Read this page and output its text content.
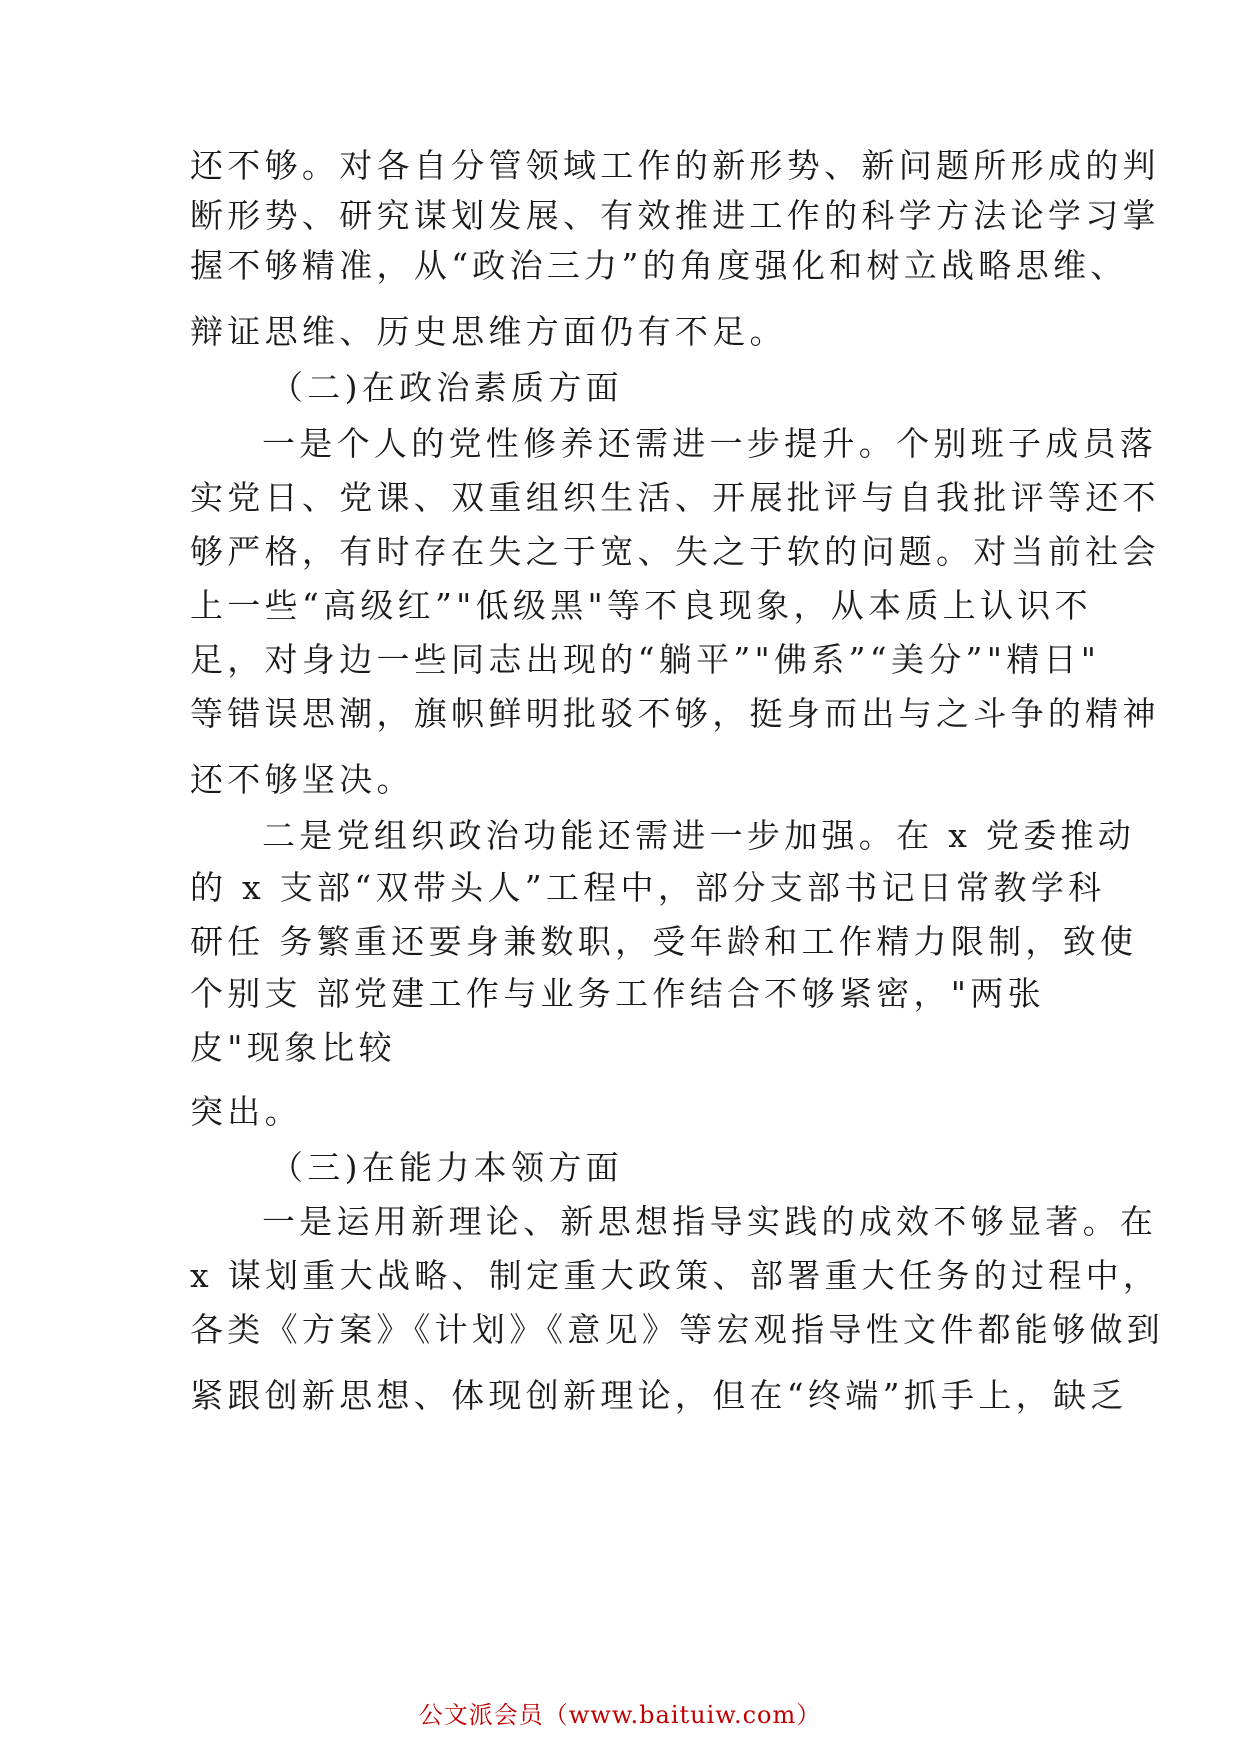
还不够。对各自分管领域工作的新形势、新问题所形成的判
断形势、研究谋划发展、有效推进工作的科学方法论学习掌
握不够精准，从“政治三力”的角度强化和树立战略思维、
辩证思维、历史思维方面仍有不足。
（二)在政治素质方面
一是个人的党性修养还需进一步提升。个别班子成员落
实党日、党课、双重组织生活、开展批评与自我批评等还不
够严格，有时存在失之于宽、失之于软的问题。对当前社会
上一些“高级红”"低级黑"等不良现象，从本质上认识不
足，对身边一些同志出现的“躺平”"佛系”“美分”"精日"
等错误思潮，旗帜鲜明批驳不够，挺身而出与之斗争的精神
还不够坚决。
二是党组织政治功能还需进一步加强。在 x 党委推动
的 x 支部“双带头人”工程中，部分支部书记日常教学科
研任 务繁重还要身兼数职，受年龄和工作精力限制，致使
个别支 部党建工作与业务工作结合不够紧密，"两张
皮"现象比较
突出。
（三)在能力本领方面
一是运用新理论、新思想指导实践的成效不够显著。在
x 谋划重大战略、制定重大政策、部署重大任务的过程中，
各类《方案》《计划》《意见》等宏观指导性文件都能够做到
紧跟创新思想、体现创新理论，但在“终端”抓手上，缺乏
公文派会员（www.baituiw.com）
